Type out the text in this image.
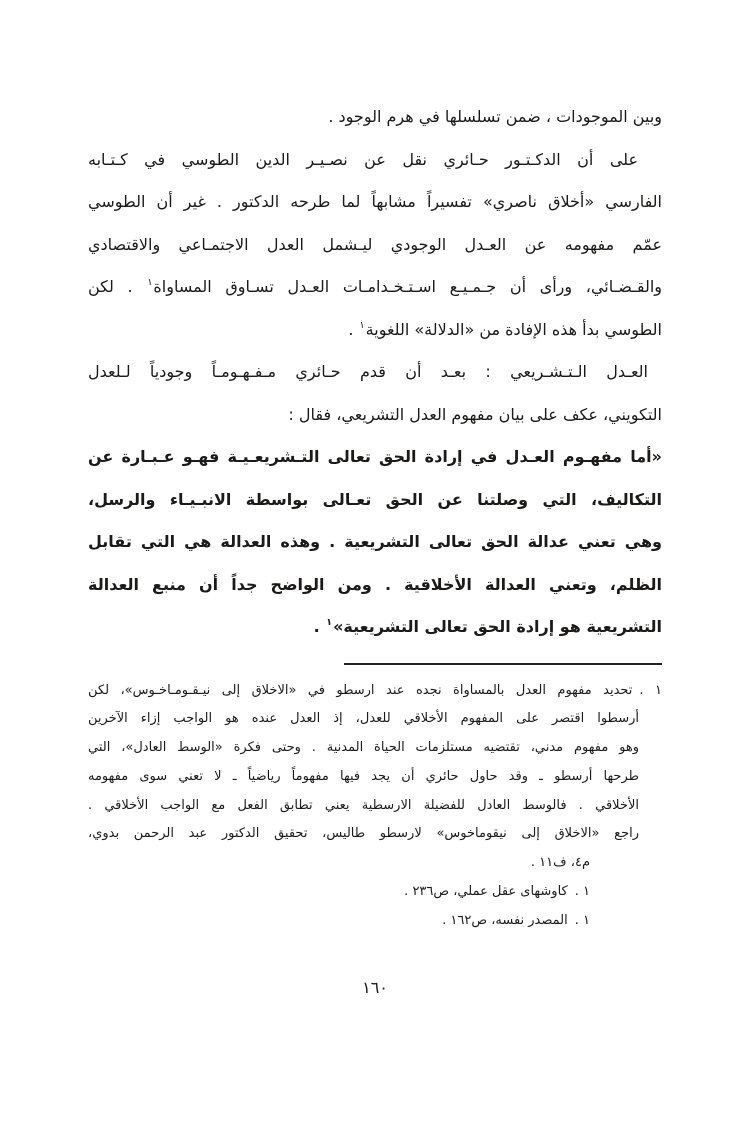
وبين الموجودات ، ضمن تسلسلها في هرم الوجود .

على أن الدكـتـور حـائري نقل عن نصـيـر الدين الطوسي في كـتـابه

الفارسي «أخلاق ناصري» تفسيراً مشابهاً لما طرحه الدكتور . غير أن الطوسي

عمّم مفهومه عن العـدل الوجودي ليـشمل العدل الاجتمـاعي والاقتصادي

والقـضـائي، ورأى أن جـمـيـع اسـتـخـدامـات العـدل تسـاوق المساواة$^١$ . لكن

الطوسي بدأ هذه الإفادة من «الدلالة» اللغوية$^١$ .

العـدل الـتـشـريعي : بعـد أن قدم حـائري مـفـهـومـاً وجودياً لـلعدل

التكويني، عكف على بيان مفهوم العدل التشريعي، فقال :

«أما مفهـوم العـدل في إرادة الحق تعالى التـشريعـيـة فهـو عـبـارة عن

التكاليف، التي وصلتنا عن الحق تعـالى بواسطة الانبـيـاء والرسل،

وهي تعني عدالة الحق تعالى التشريعية . وهذه العدالة هي التي تقابل

الظلم، وتعني العدالة الأخلاقية . ومن الواضح جداً أن منبع العدالة

التشريعية هو إرادة الحق تعالى التشريعية»$^١$ .

١ .تحديد مفهوم العدل بالمساواة نجده عند ارسطو في «الاخلاق إلى نيـقـومـاخـوس»، لكن

أرسطوا اقتصر على المفهوم الأخلاقي للعدل، إذ العدل عنده هو الواجب إزاء الآخرين

وهو مفهوم مدني، تقتضيه مستلزمات الحياة المدنية . وحتى فكرة «الوسط العادل»، التي

طرحها أرسطو ـ وقد حاول حائري أن يجد فيها مفهوماً رياضياً ـ لا تعني سوى مفهومه

الأخلاقي . فالوسط العادل للفضيلة الارسطية يعني تطابق الفعل مع الواجب الأخلاقي .

راجع «الاخلاق إلى نيقوماخوس» لارسطو طاليس، تحقيق الدكتور عبد الرحمن بدوي،

م٤، ف١١ .

١ .كاوشهاى عقل عملي، ص٢٣٦ .

١ .المصدر نفسه، ص١٦٢ .

١٦٠
